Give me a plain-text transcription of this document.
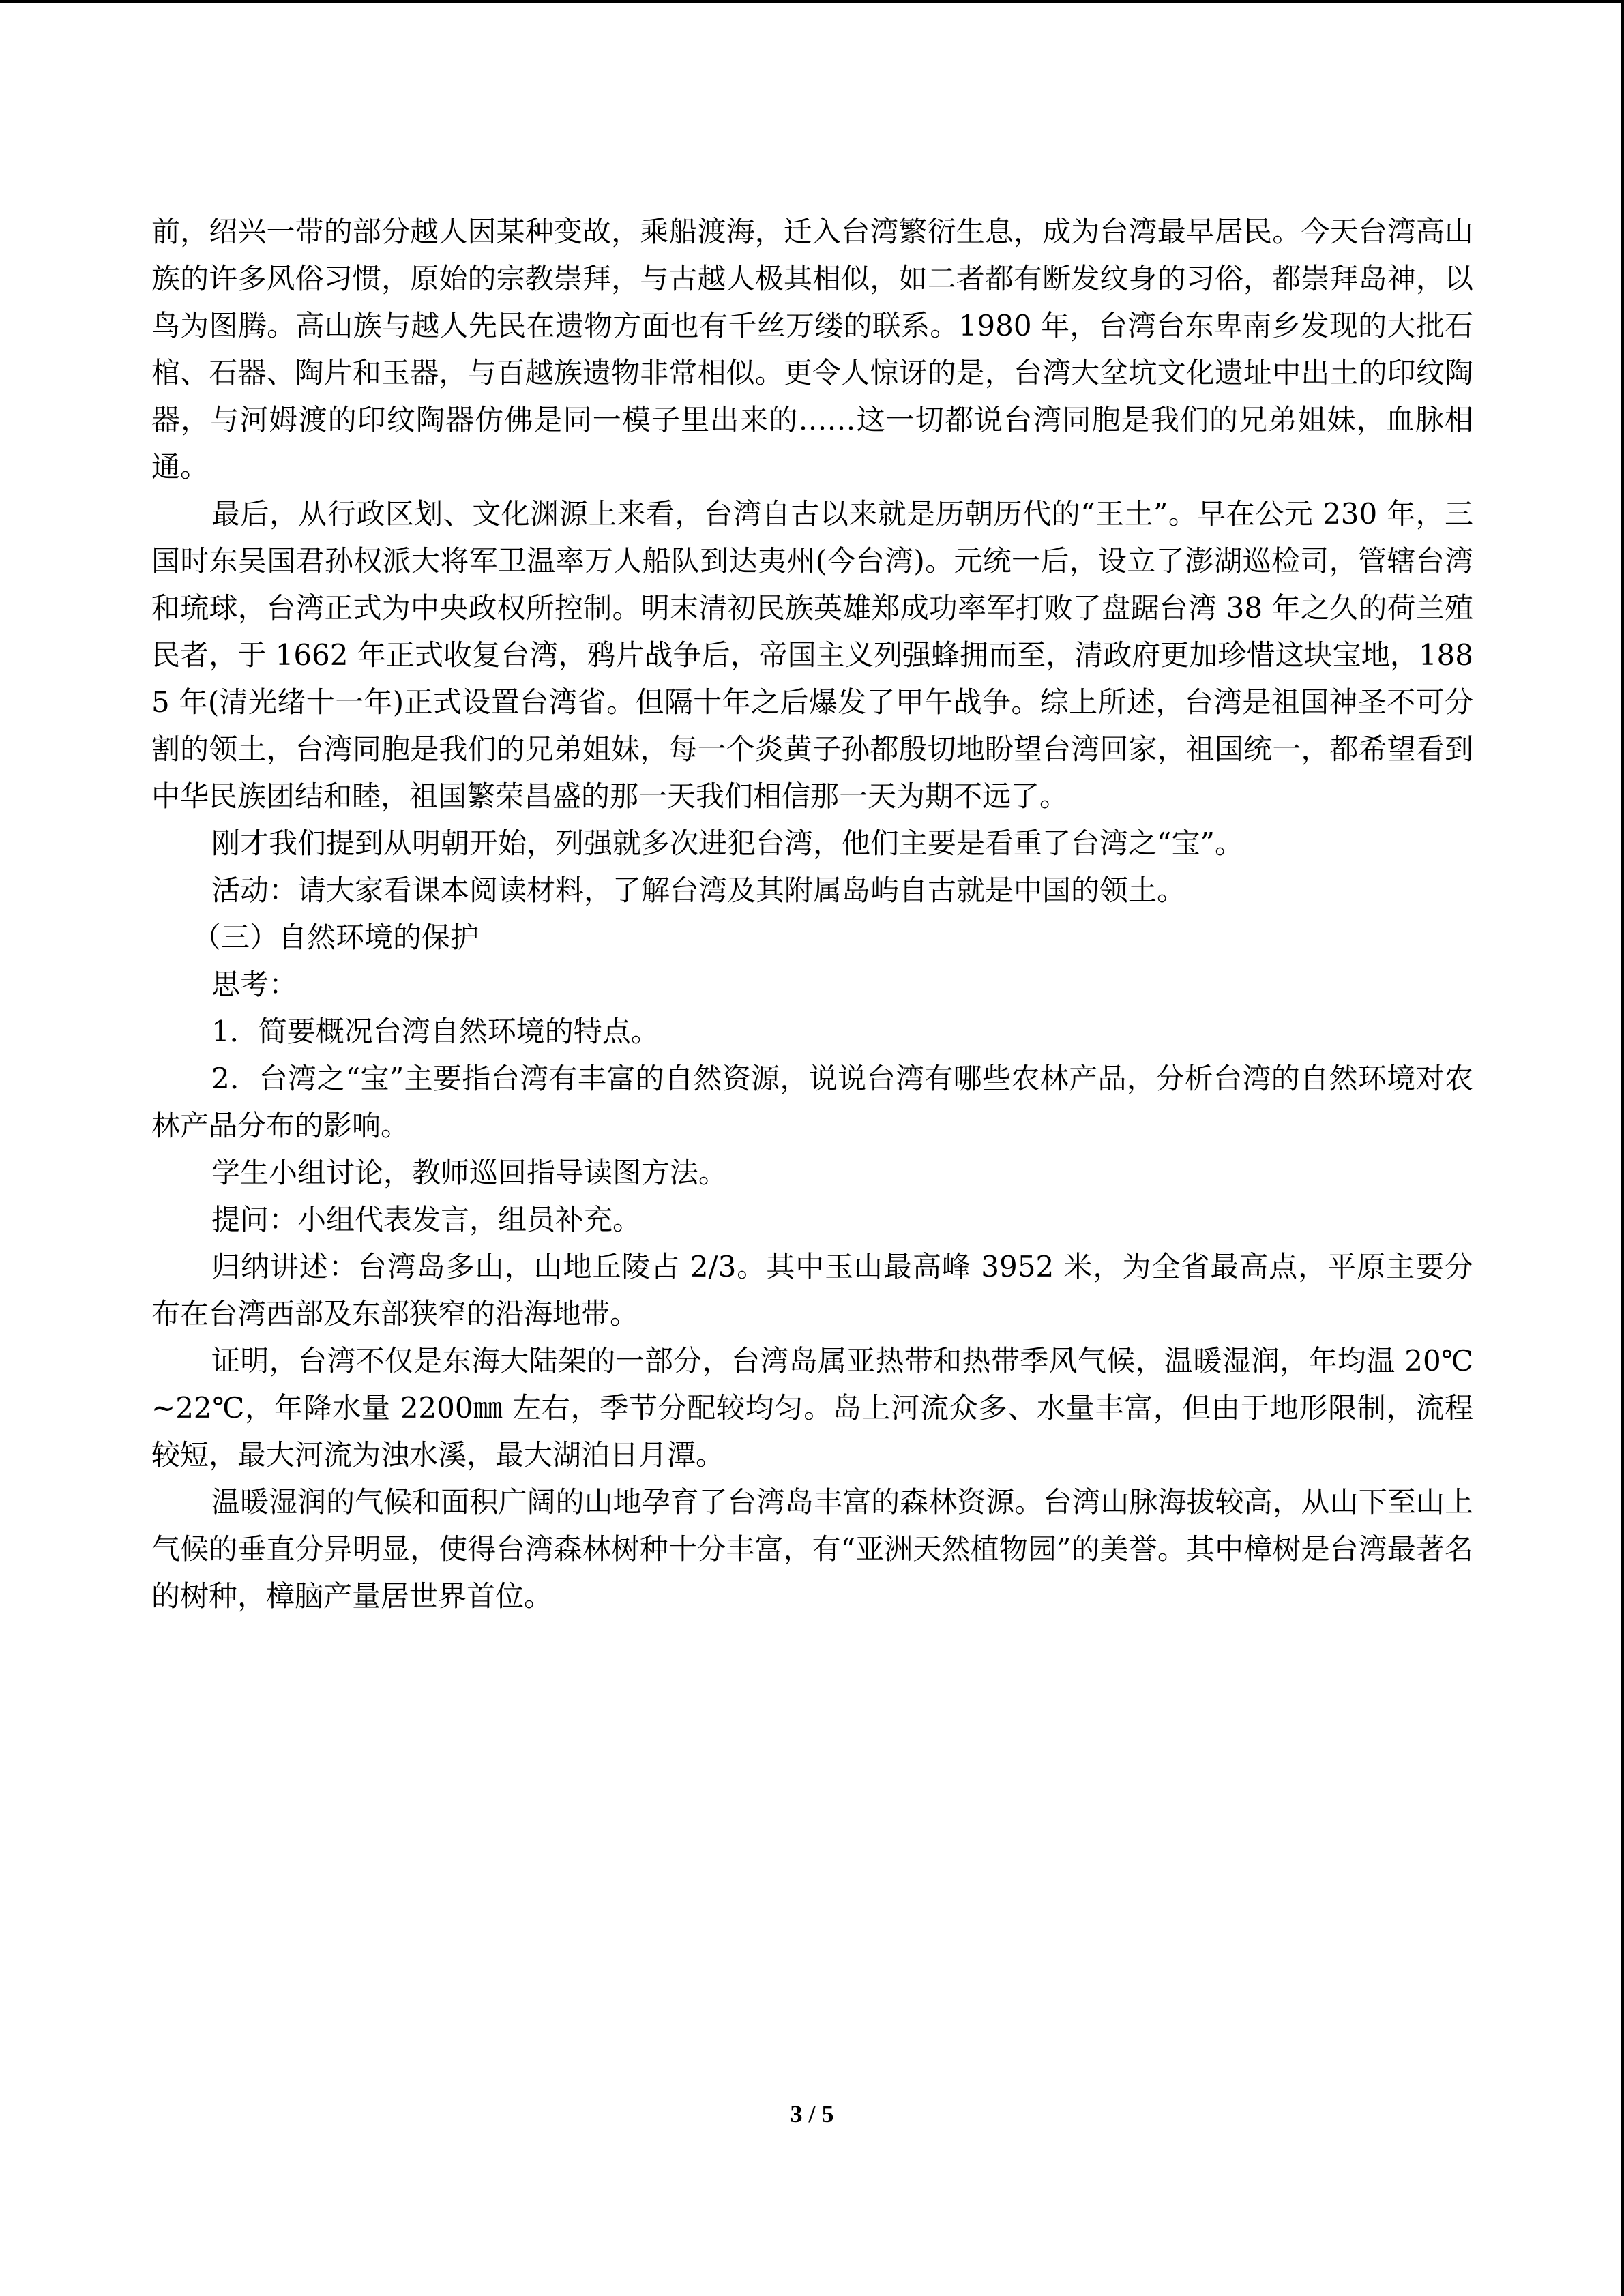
前，绍兴一带的部分越人因某种变故，乘船渡海，迁入台湾繁衍生息，成为台湾最早居民。今天台湾高山族的许多风俗习惯，原始的宗教崇拜，与古越人极其相似，如二者都有断发纹身的习俗，都崇拜岛神，以鸟为图腾。高山族与越人先民在遗物方面也有千丝万缕的联系。1980 年，台湾台东卑南乡发现的大批石棺、石器、陶片和玉器，与百越族遗物非常相似。更令人惊讶的是，台湾大坌坑文化遗址中出土的印纹陶器，与河姆渡的印纹陶器仿佛是同一模子里出来的……这一切都说台湾同胞是我们的兄弟姐妹，血脉相通。

最后，从行政区划、文化渊源上来看，台湾自古以来就是历朝历代的“王土”。早在公元 230 年，三国时东吴国君孙权派大将军卫温率万人船队到达夷州(今台湾)。元统一后，设立了澎湖巡检司，管辖台湾和琉球，台湾正式为中央政权所控制。明末清初民族英雄郑成功率军打败了盘踞台湾 38 年之久的荷兰殖民者，于 1662 年正式收复台湾，鸦片战争后，帝国主义列强蜂拥而至，清政府更加珍惜这块宝地，1885 年(清光绪十一年)正式设置台湾省。但隔十年之后爆发了甲午战争。综上所述，台湾是祖国神圣不可分割的领土，台湾同胞是我们的兄弟姐妹，每一个炎黄子孙都殷切地盼望台湾回家，祖国统一，都希望看到中华民族团结和睦，祖国繁荣昌盛的那一天我们相信那一天为期不远了。

刚才我们提到从明朝开始，列强就多次进犯台湾，他们主要是看重了台湾之“宝”。

活动：请大家看课本阅读材料，了解台湾及其附属岛屿自古就是中国的领土。

（三）自然环境的保护

思考：

1．简要概况台湾自然环境的特点。

2．台湾之“宝”主要指台湾有丰富的自然资源，说说台湾有哪些农林产品，分析台湾的自然环境对农林产品分布的影响。

学生小组讨论，教师巡回指导读图方法。

提问：小组代表发言，组员补充。

归纳讲述：台湾岛多山，山地丘陵占 2/3。其中玉山最高峰 3952 米，为全省最高点，平原主要分布在台湾西部及东部狭窄的沿海地带。

证明，台湾不仅是东海大陆架的一部分，台湾岛属亚热带和热带季风气候，温暖湿润，年均温 20℃~22℃，年降水量 2200㎜ 左右，季节分配较均匀。岛上河流众多、水量丰富，但由于地形限制，流程较短，最大河流为浊水溪，最大湖泊日月潭。

温暖湿润的气候和面积广阔的山地孕育了台湾岛丰富的森林资源。台湾山脉海拔较高，从山下至山上气候的垂直分异明显，使得台湾森林树种十分丰富，有“亚洲天然植物园”的美誉。其中樟树是台湾最著名的树种，樟脑产量居世界首位。

3 / 5
